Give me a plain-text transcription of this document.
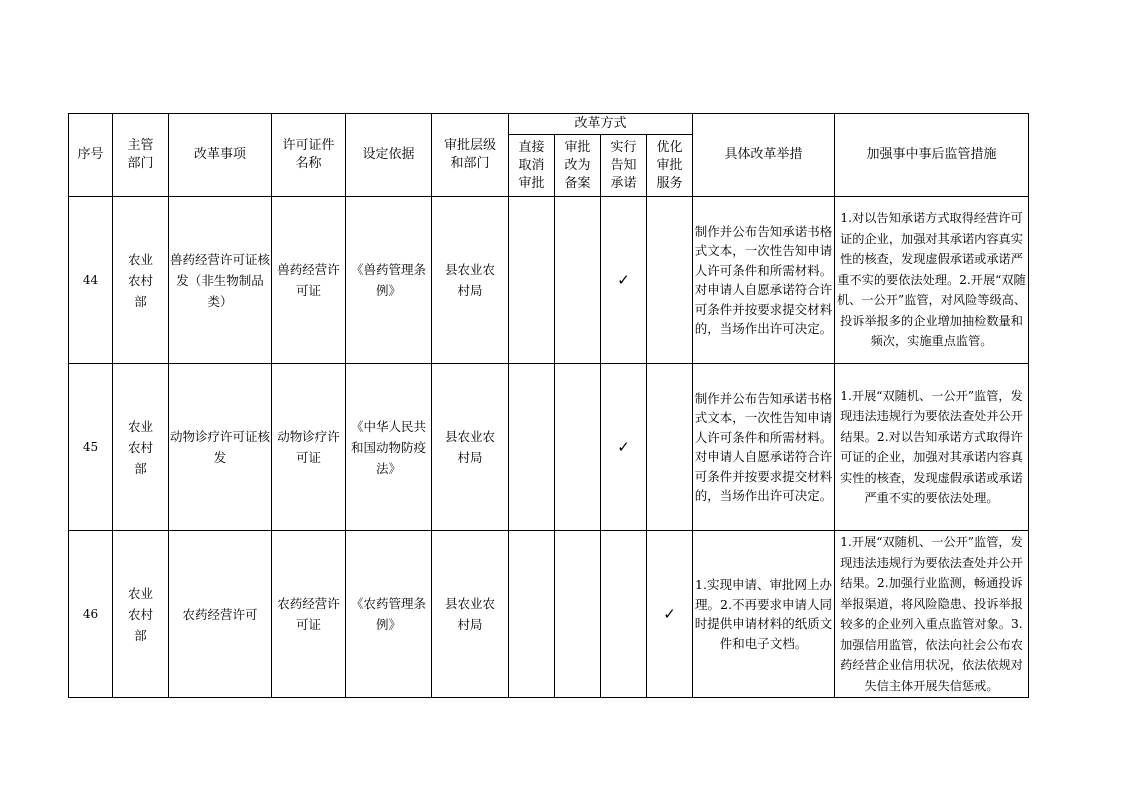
序号	主管部门	改革事项	许可证件名称	设定依据	审批层级和部门	改革方式				具体改革举措	加强事中事后监管措施
						直接取消审批	审批改为备案	实行告知承诺	优化审批服务		
44	农业农村部	兽药经营许可证核发（非生物制品类）	兽药经营许可证	《兽药管理条例》	县农业农村局			✓		制作并公布告知承诺书格式文本，一次性告知申请人许可条件和所需材料。对申请人自愿承诺符合许可条件并按要求提交材料的，当场作出许可决定。	1.对以告知承诺方式取得经营许可证的企业，加强对其承诺内容真实性的核查，发现虚假承诺或承诺严重不实的要依法处理。2.开展“双随机、一公开”监管，对风险等级高、投诉举报多的企业增加抽检数量和频次，实施重点监管。
45	农业农村部	动物诊疗许可证核发	动物诊疗许可证	《中华人民共和国动物防疫法》	县农业农村局			✓		制作并公布告知承诺书格式文本，一次性告知申请人许可条件和所需材料。对申请人自愿承诺符合许可条件并按要求提交材料的，当场作出许可决定。	1.开展“双随机、一公开”监管，发现违法违规行为要依法查处并公开结果。2.对以告知承诺方式取得许可证的企业，加强对其承诺内容真实性的核查，发现虚假承诺或承诺严重不实的要依法处理。
46	农业农村部	农药经营许可	农药经营许可证	《农药管理条例》	县农业农村局				✓	1.实现申请、审批网上办理。2.不再要求申请人同时提供申请材料的纸质文件和电子文档。	1.开展“双随机、一公开”监管，发现违法违规行为要依法查处并公开结果。2.加强行业监测，畅通投诉举报渠道，将风险隐患、投诉举报较多的企业列入重点监管对象。3.加强信用监管，依法向社会公布农药经营企业信用状况，依法依规对失信主体开展失信惩戒。
